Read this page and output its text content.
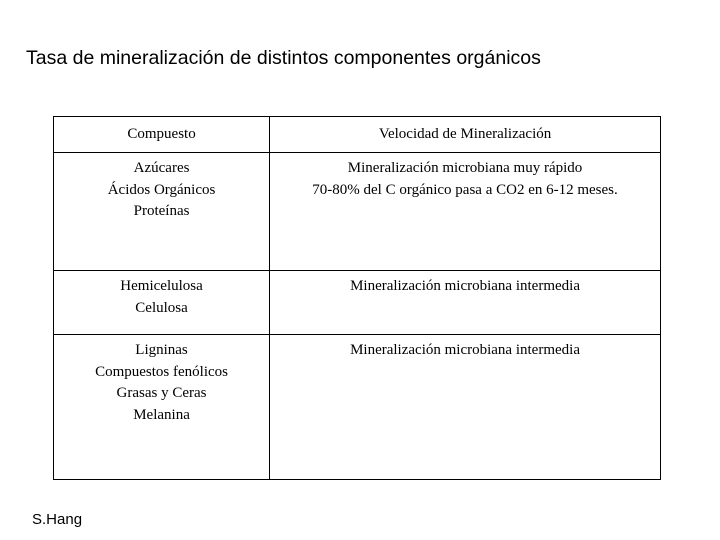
Tasa de mineralización de distintos componentes orgánicos
Compuesto	Velocidad de Mineralización

Azúcares
Ácidos Orgánicos
Proteínas	Mineralización microbiana muy rápido
70-80% del C orgánico pasa a CO2 en 6-12 meses.

Hemicelulosa
Celulosa	Mineralización microbiana intermedia

Ligninas
Compuestos fenólicos
Grasas y Ceras
Melanina	Mineralización microbiana intermedia
S.Hang
